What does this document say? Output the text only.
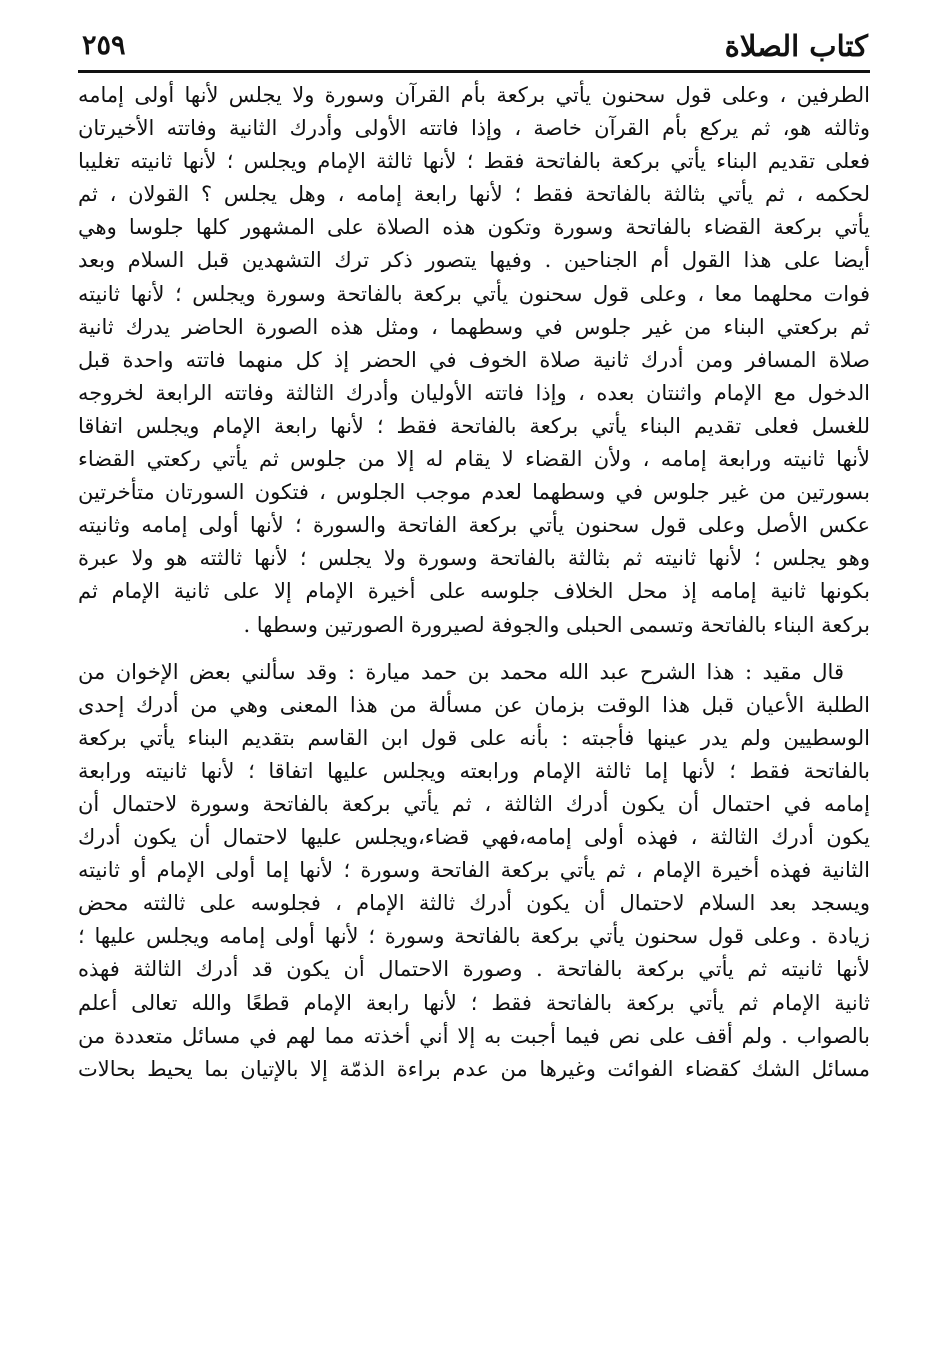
كتاب الصلاة
٢٥٩
الطرفين ، وعلى قول سحنون يأتي بركعة بأم القرآن وسورة ولا يجلس لأنها أولى إمامه
وثالثه هو، ثم يركع بأم القرآن خاصة ، وإذا فاتته الأولى وأدرك الثانية وفاتته الأخيرتان
فعلى تقديم البناء يأتي بركعة بالفاتحة فقط ؛ لأنها ثالثة الإمام ويجلس ؛ لأنها ثانيته تغليبا
لحكمه ، ثم يأتي بثالثة بالفاتحة فقط ؛ لأنها رابعة إمامه ، وهل يجلس ؟ القولان ، ثم
يأتي بركعة القضاء بالفاتحة وسورة وتكون هذه الصلاة على المشهور كلها جلوسا وهي
أيضا على هذا القول أم الجناحين . وفيها يتصور ذكر ترك التشهدين قبل السلام وبعد
فوات محلهما معا ، وعلى قول سحنون يأتي بركعة بالفاتحة وسورة ويجلس ؛ لأنها ثانيته
ثم بركعتي البناء من غير جلوس في وسطهما ، ومثل هذه الصورة الحاضر يدرك ثانية
صلاة المسافر ومن أدرك ثانية صلاة الخوف في الحضر إذ كل منهما فاتته واحدة قبل
الدخول مع الإمام واثنتان بعده ، وإذا فاتته الأوليان وأدرك الثالثة وفاتته الرابعة لخروجه
للغسل فعلى تقديم البناء يأتي بركعة بالفاتحة فقط ؛ لأنها رابعة الإمام ويجلس اتفاقا
لأنها ثانيته ورابعة إمامه ، ولأن القضاء لا يقام له إلا من جلوس ثم يأتي ركعتي القضاء
بسورتين من غير جلوس في وسطهما لعدم موجب الجلوس ، فتكون السورتان متأخرتين
عكس الأصل وعلى قول سحنون يأتي بركعة الفاتحة والسورة ؛ لأنها أولى إمامه وثانيته
وهو يجلس ؛ لأنها ثانيته ثم بثالثة بالفاتحة وسورة ولا يجلس ؛ لأنها ثالثته هو ولا عبرة
بكونها ثانية إمامه إذ محل الخلاف جلوسه على أخيرة الإمام إلا على ثانية الإمام ثم
بركعة البناء بالفاتحة وتسمى الحبلى والجوفة لصيرورة الصورتين وسطها .
قال مقيد : هذا الشرح عبد الله محمد بن حمد ميارة : وقد سألني بعض الإخوان من
الطلبة الأعيان قبل هذا الوقت بزمان عن مسألة من هذا المعنى وهي من أدرك إحدى
الوسطيين ولم يدر عينها فأجبته : بأنه على قول ابن القاسم بتقديم البناء يأتي بركعة
بالفاتحة فقط ؛ لأنها إما ثالثة الإمام ورابعته ويجلس عليها اتفاقا ؛ لأنها ثانيته ورابعة
إمامه في احتمال أن يكون أدرك الثالثة ، ثم يأتي بركعة بالفاتحة وسورة لاحتمال أن
يكون أدرك الثالثة ، فهذه أولى إمامه،فهي قضاء،ويجلس عليها لاحتمال أن يكون أدرك
الثانية فهذه أخيرة الإمام ، ثم يأتي بركعة الفاتحة وسورة ؛ لأنها إما أولى الإمام أو ثانيته
ويسجد بعد السلام لاحتمال أن يكون أدرك ثالثة الإمام ، فجلوسه على ثالثته محض
زيادة . وعلى قول سحنون يأتي بركعة بالفاتحة وسورة ؛ لأنها أولى إمامه ويجلس عليها ؛
لأنها ثانيته ثم يأتي بركعة بالفاتحة . وصورة الاحتمال أن يكون قد أدرك الثالثة فهذه
ثانية الإمام ثم يأتي بركعة بالفاتحة فقط ؛ لأنها رابعة الإمام قطعًا والله تعالى أعلم
بالصواب . ولم أقف على نص فيما أجبت به إلا أني أخذته مما لهم في مسائل متعددة من
مسائل الشك كقضاء الفوائت وغيرها من عدم براءة الذمّة إلا بالإتيان بما يحيط بحالات
